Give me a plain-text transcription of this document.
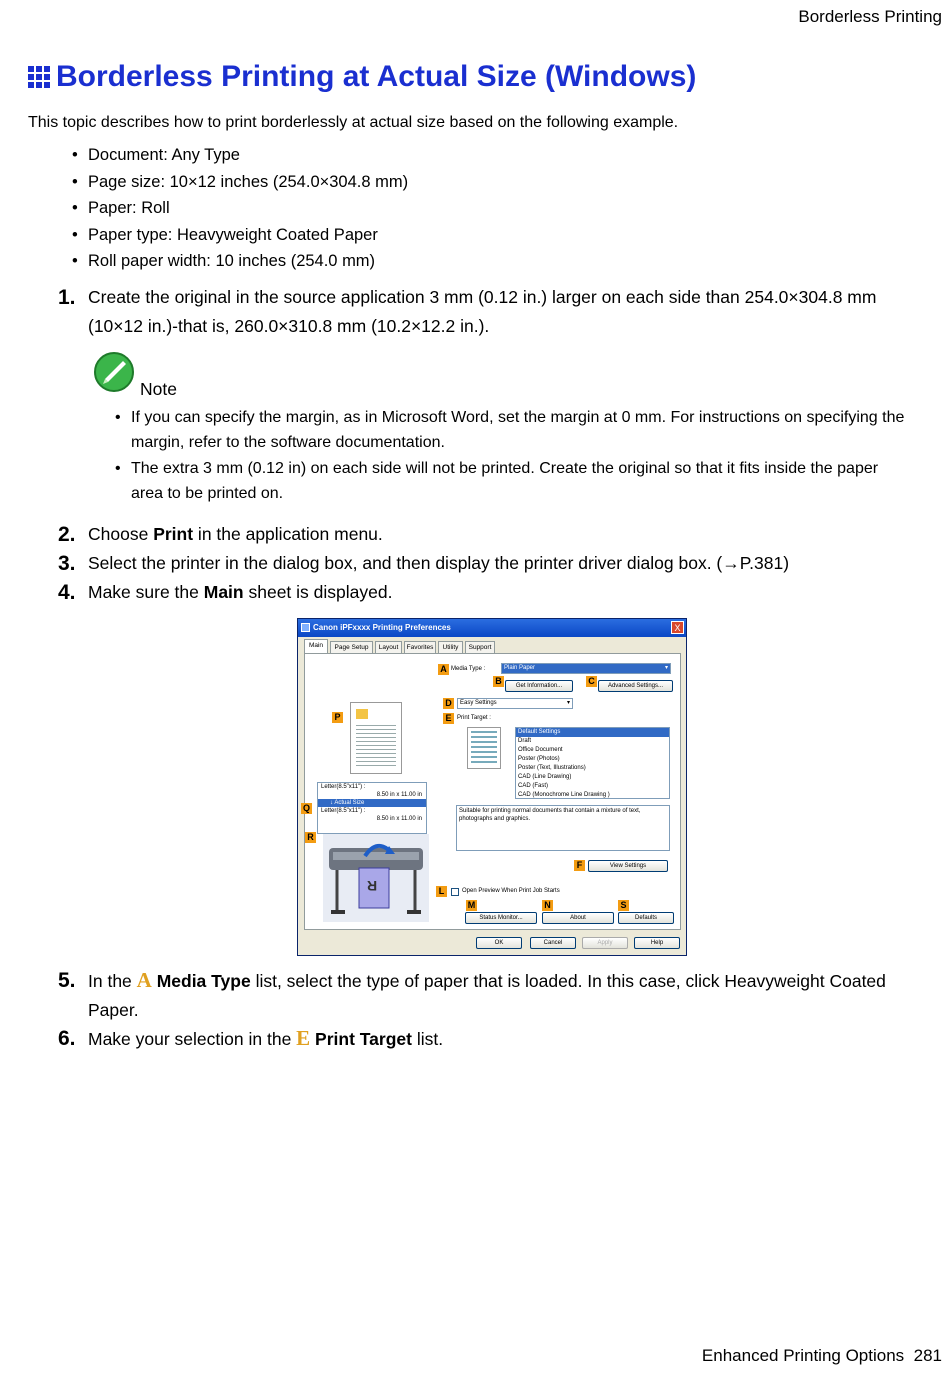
Borderless Printing
Borderless Printing at Actual Size (Windows)
This topic describes how to print borderlessly at actual size based on the following example.
• Document: Any Type
• Page size: 10×12 inches (254.0×304.8 mm)
• Paper: Roll
• Paper type: Heavyweight Coated Paper
• Roll paper width: 10 inches (254.0 mm)
1. Create the original in the source application 3 mm (0.12 in.) larger on each side than 254.0×304.8 mm (10×12 in.)-that is, 260.0×310.8 mm (10.2×12.2 in.).
Note
• If you can specify the margin, as in Microsoft Word, set the margin at 0 mm. For instructions on specifying the margin, refer to the software documentation.
• The extra 3 mm (0.12 in) on each side will not be printed. Create the original so that it fits inside the paper area to be printed on.
2. Choose Print in the application menu.
3. Select the printer in the dialog box, and then display the printer driver dialog box. (→P.381)
4. Make sure the Main sheet is displayed.
Canon iPFxxxx Printing Preferences	X
Main	Page Setup	Layout	Favorites	Utility	Support
P
Letter(8.5"x11") :
8.50 in x 11.00 in
↓ Actual Size
Letter(8.5"x11") :
8.50 in x 11.00 in
Q
R
R
A Media Type :	Plain Paper	▾
B	Get Information...	C	Advanced Settings...
D	Easy Settings	▾
E Print Target :
Default Settings
Draft
Office Document
Poster (Photos)
Poster (Text, Illustrations)
CAD (Line Drawing)
CAD (Fast)
CAD (Monochrome Line Drawing )
Suitable for printing normal documents that contain a mixture of text, photographs and graphics.
F	View Settings
L	Open Preview When Print Job Starts
M
Status Monitor...
N
About
S
Defaults
OK	Cancel	Apply	Help
5. In the A Media Type list, select the type of paper that is loaded. In this case, click Heavyweight Coated Paper.
6. Make your selection in the E Print Target list.
Enhanced Printing Options 281
